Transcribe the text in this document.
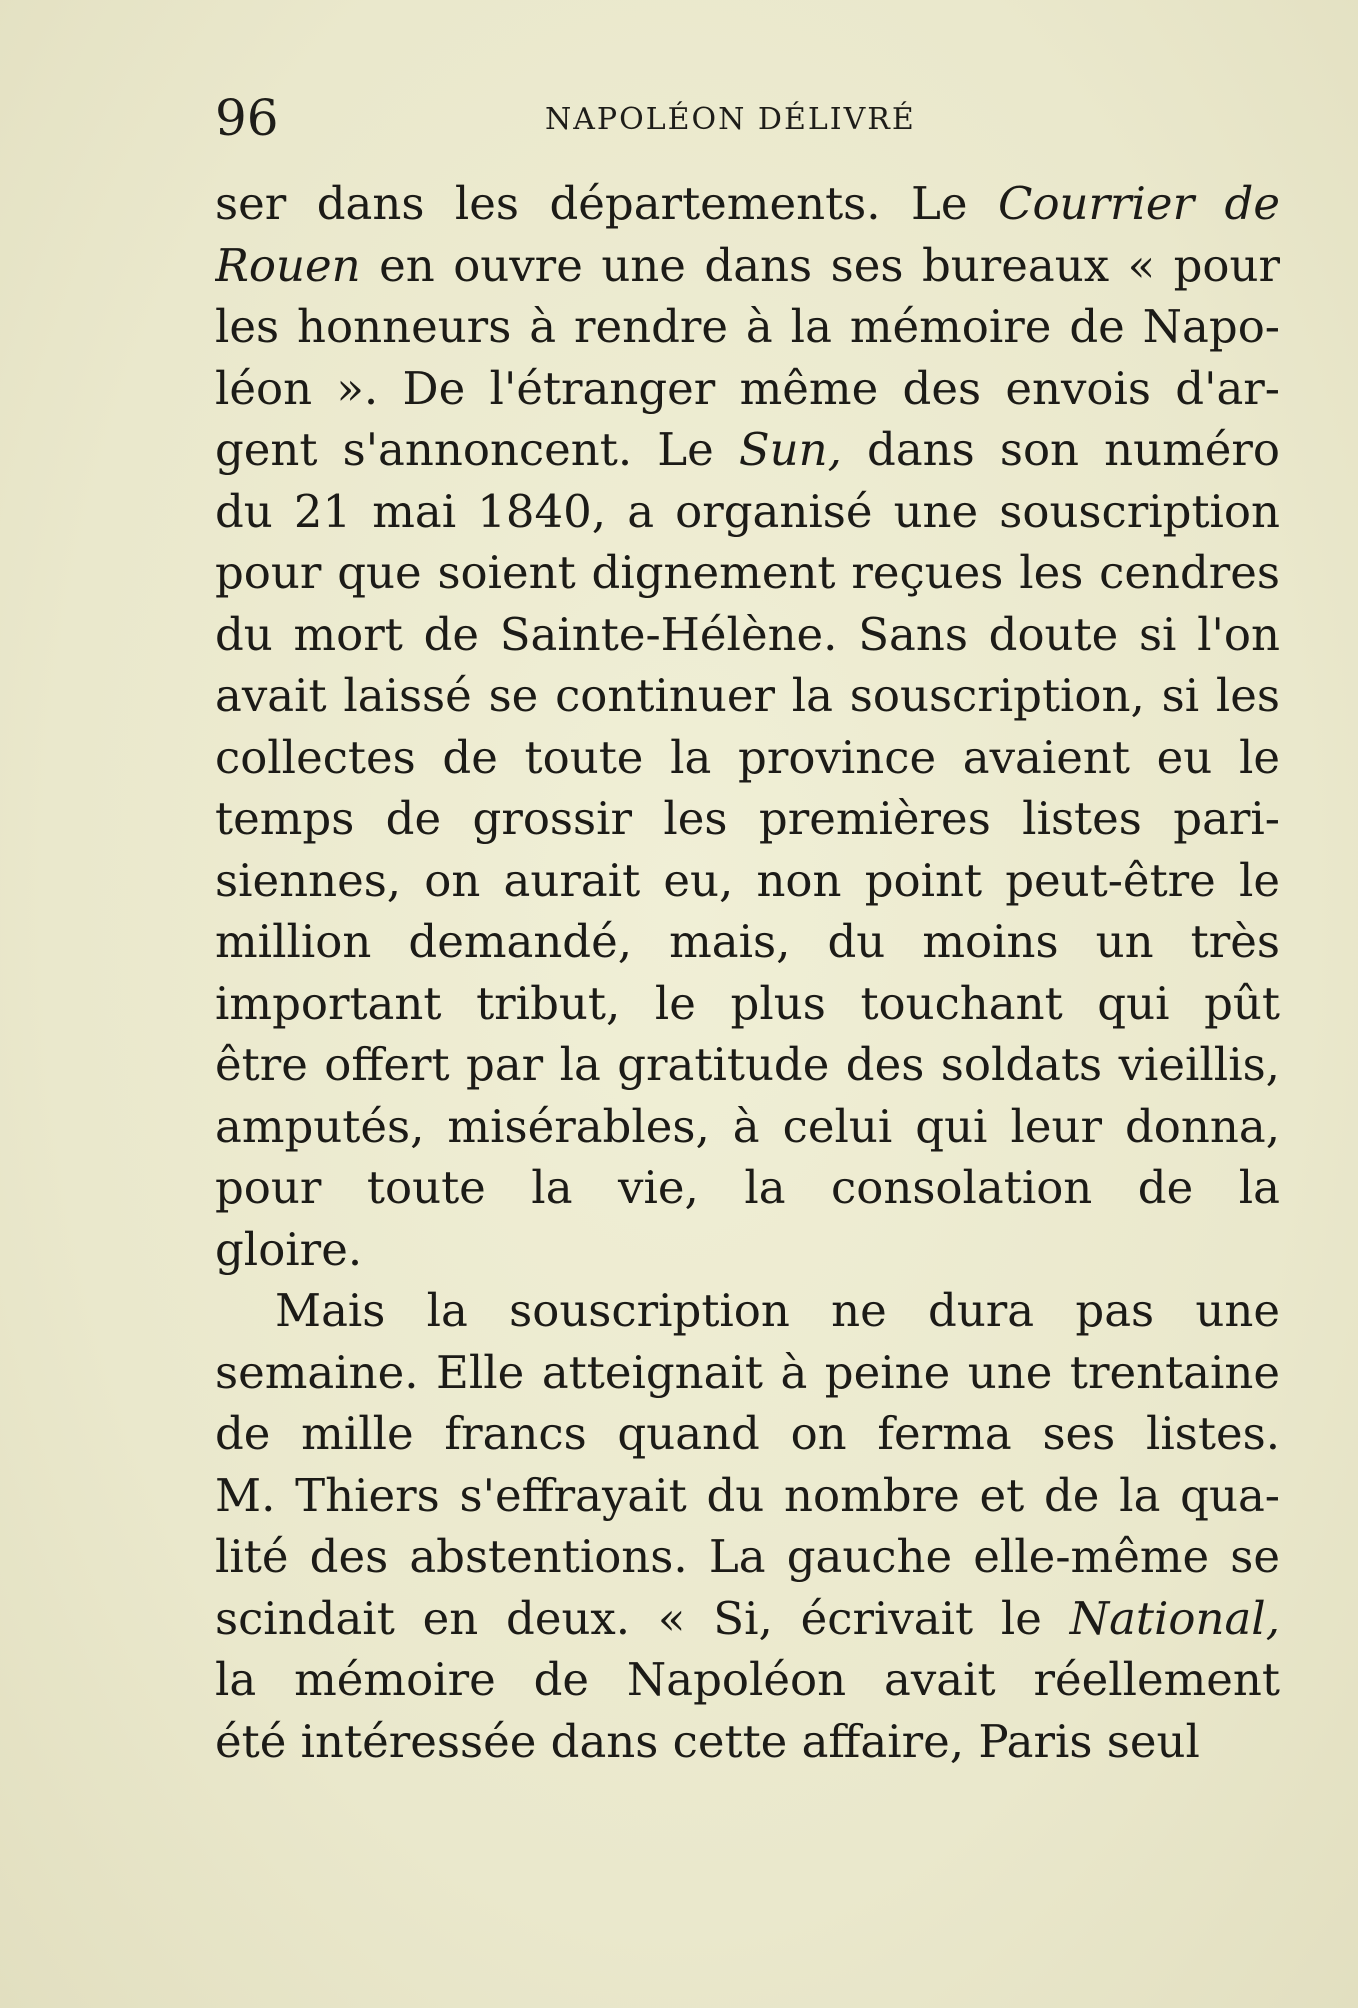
96	NAPOLÉON DÉLIVRÉ
ser dans les départements. Le Courrier de
Rouen en ouvre une dans ses bureaux « pour
les honneurs à rendre à la mémoire de Napo-
léon ». De l'étranger même des envois d'ar-
gent s'annoncent. Le Sun, dans son numéro
du 21 mai 1840, a organisé une souscription
pour que soient dignement reçues les cendres
du mort de Sainte-Hélène. Sans doute si l'on
avait laissé se continuer la souscription, si les
collectes de toute la province avaient eu le
temps de grossir les premières listes pari-
siennes, on aurait eu, non point peut-être le
million demandé, mais, du moins un très
important tribut, le plus touchant qui pût
être offert par la gratitude des soldats vieillis,
amputés, misérables, à celui qui leur donna,
pour toute la vie, la consolation de la
gloire.
Mais la souscription ne dura pas une
semaine. Elle atteignait à peine une trentaine
de mille francs quand on ferma ses listes.
M. Thiers s'effrayait du nombre et de la qua-
lité des abstentions. La gauche elle-même se
scindait en deux. « Si, écrivait le National,
la mémoire de Napoléon avait réellement
été intéressée dans cette affaire, Paris seul
